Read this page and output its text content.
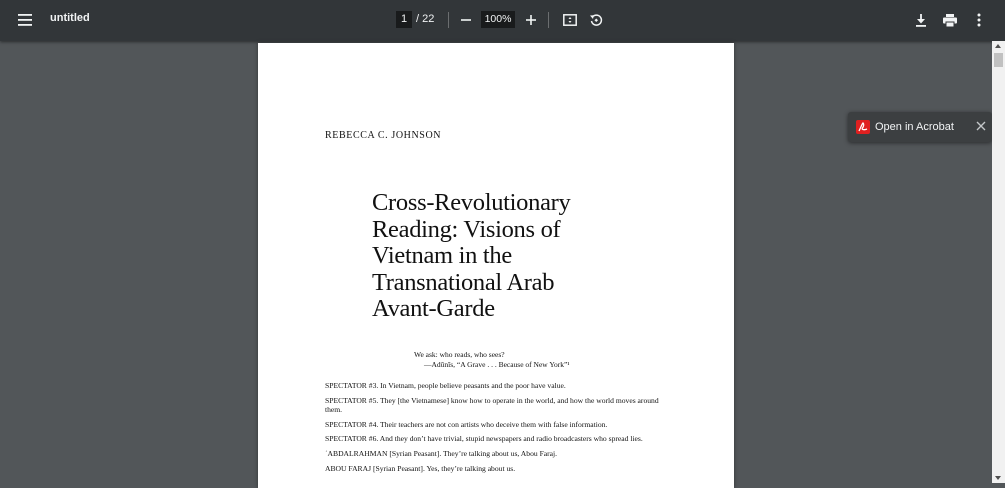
untitled	1 / 22	100%
REBECCA C. JOHNSON
Cross-Revolutionary
Reading: Visions of
Vietnam in the
Transnational Arab
Avant-Garde
We ask: who reads, who sees?
—Adūnīs, “A Grave . . . Because of New York”¹

SPECTATOR #3. In Vietnam, people believe peasants and the poor have value.

SPECTATOR #5. They [the Vietnamese] know how to operate in the world, and how the world moves around them.

SPECTATOR #4. Their teachers are not con artists who deceive them with false information.

SPECTATOR #6. And they don’t have trivial, stupid newspapers and radio broadcasters who spread lies.

ʿABDALRAHMAN [Syrian Peasant]. They’re talking about us, Abou Faraj.

ABOU FARAJ [Syrian Peasant]. Yes, they’re talking about us.

Open in Acrobat
